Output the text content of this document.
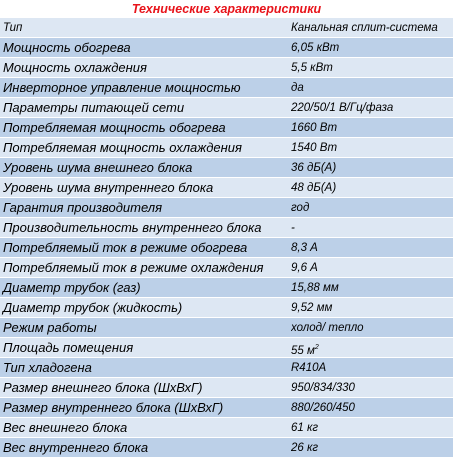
Технические характеристики
Тип	Канальная сплит-система
Мощность обогрева	6,05 кВт
Мощность охлаждения	5,5 кВт
Инверторное управление мощностью	да
Параметры питающей сети	220/50/1 В/Гц/фаза
Потребляемая мощность обогрева	1660 Вт
Потребляемая мощность охлаждения	1540 Вт
Уровень шума внешнего блока	36 дБ(А)
Уровень шума внутреннего блока	48 дБ(А)
Гарантия производителя	год
Производительность внутреннего блока	-
Потребляемый ток в режиме обогрева	8,3 А
Потребляемый ток в режиме охлаждения	9,6 А
Диаметр трубок (газ)	15,88 мм
Диаметр трубок (жидкость)	9,52 мм
Режим работы	холод/ тепло
Площадь помещения	55 $м^2$
Тип хладогена	R410A
Размер внешнего блока (ШхВхГ)	950/834/330
Размер внутреннего блока (ШхВхГ)	880/260/450
Вес внешнего блока	61 кг
Вес внутреннего блока	26 кг
